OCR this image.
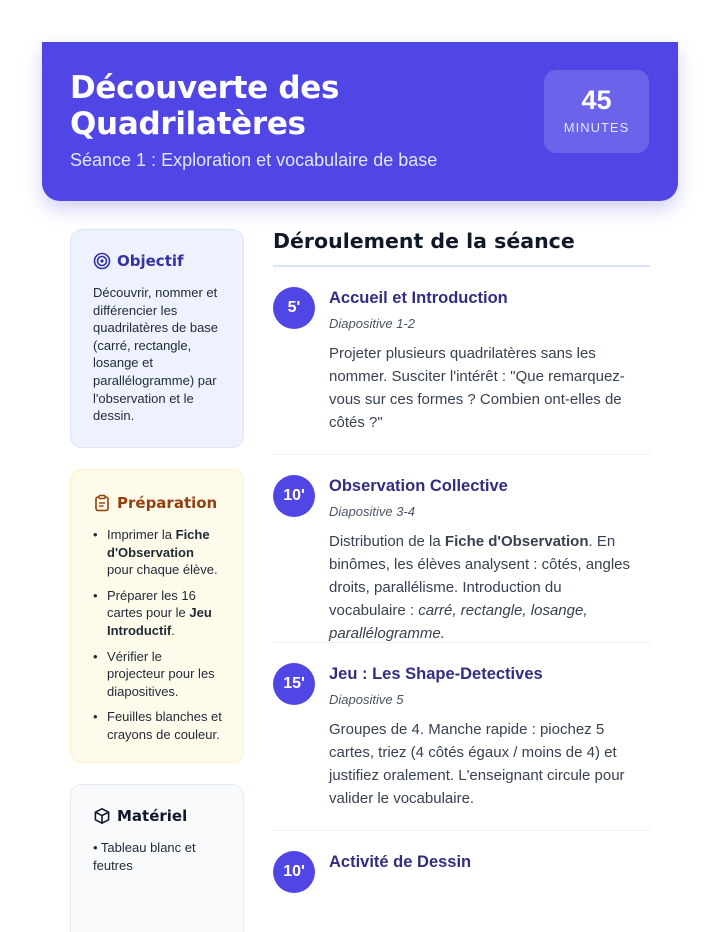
Découverte des Quadrilatères
Séance 1 : Exploration et vocabulaire de base
45
MINUTES
Objectif
Découvrir, nommer et différencier les quadrilatères de base (carré, rectangle, losange et parallélogramme) par l'observation et le dessin.
Préparation
• Imprimer la Fiche d'Observation pour chaque élève.
• Préparer les 16 cartes pour le Jeu Introductif.
• Vérifier le projecteur pour les diapositives.
• Feuilles blanches et crayons de couleur.
Matériel
• Tableau blanc et feutres
Déroulement de la séance
5'
Accueil et Introduction
Diapositive 1-2
Projeter plusieurs quadrilatères sans les nommer. Susciter l'intérêt : "Que remarquez-vous sur ces formes ? Combien ont-elles de côtés ?"
10'
Observation Collective
Diapositive 3-4
Distribution de la Fiche d'Observation. En binômes, les élèves analysent : côtés, angles droits, parallélisme. Introduction du vocabulaire : carré, rectangle, losange, parallélogramme.
15'
Jeu : Les Shape-Detectives
Diapositive 5
Groupes de 4. Manche rapide : piochez 5 cartes, triez (4 côtés égaux / moins de 4) et justifiez oralement. L'enseignant circule pour valider le vocabulaire.
10'
Activité de Dessin
